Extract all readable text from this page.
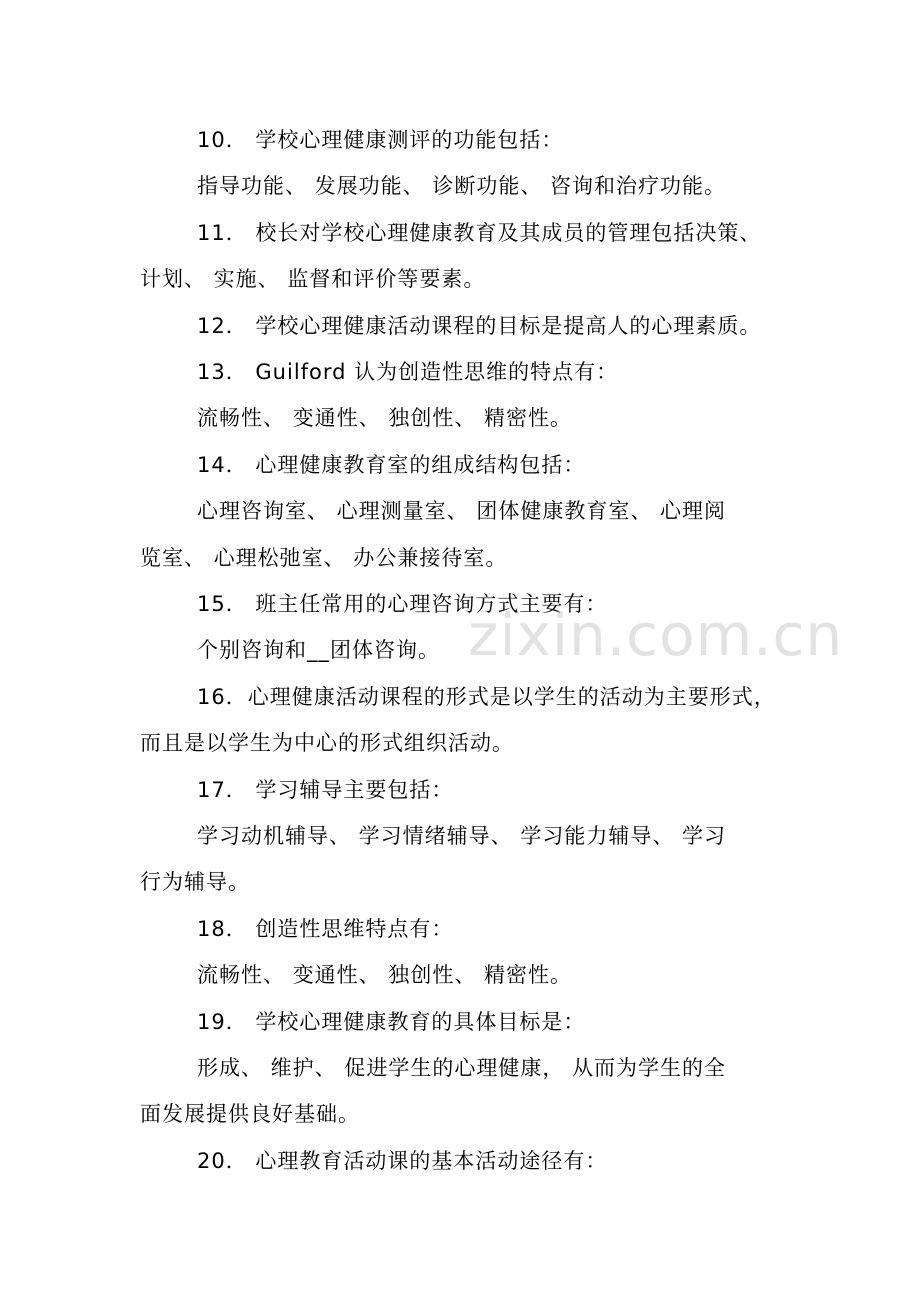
10． 学校心理健康测评的功能包括：
指导功能、 发展功能、 诊断功能、 咨询和治疗功能。
11． 校长对学校心理健康教育及其成员的管理包括决策、
计划、 实施、 监督和评价等要素。
12． 学校心理健康活动课程的目标是提高人的心理素质。
13． Guilford 认为创造性思维的特点有：
流畅性、 变通性、 独创性、 精密性。
14． 心理健康教育室的组成结构包括：
心理咨询室、 心理测量室、 团体健康教育室、 心理阅
览室、 心理松弛室、 办公兼接待室。
15． 班主任常用的心理咨询方式主要有：
个别咨询和__团体咨询。
16．心理健康活动课程的形式是以学生的活动为主要形式，
而且是以学生为中心的形式组织活动。
17． 学习辅导主要包括：
学习动机辅导、 学习情绪辅导、 学习能力辅导、 学习
行为辅导。
18． 创造性思维特点有：
流畅性、 变通性、 独创性、 精密性。
19． 学校心理健康教育的具体目标是：
形成、 维护、 促进学生的心理健康， 从而为学生的全
面发展提供良好基础。
20． 心理教育活动课的基本活动途径有：
zixin.com.cn
